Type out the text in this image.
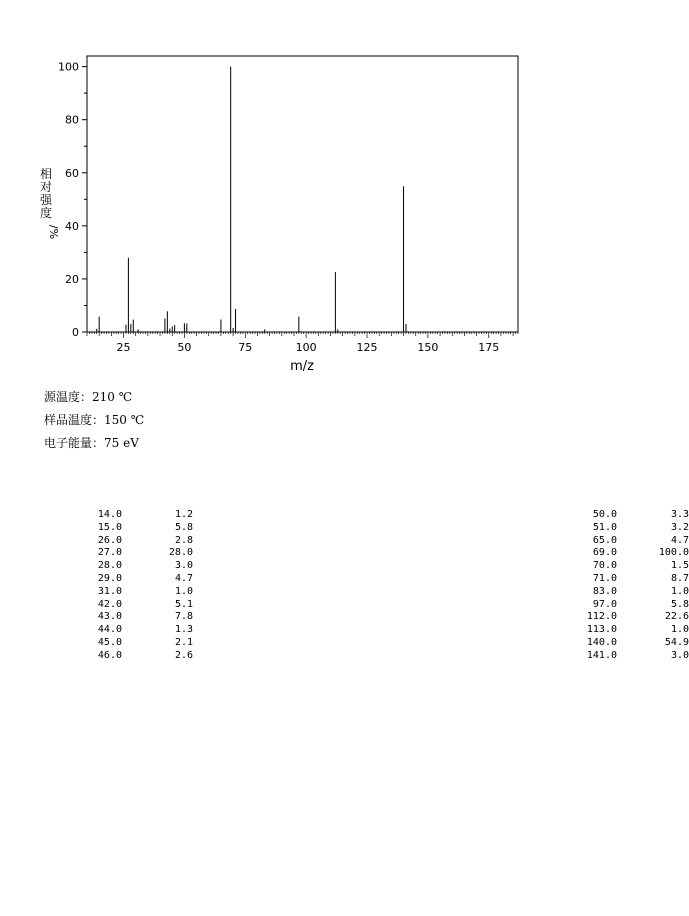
0
20
40
60
80
100
25	50	75	100	125	150	175
m/z
相
对
强
度
/%
源温度：210 ℃
样品温度：150 ℃
电子能量：75 eV
14.0	1.2
15.0	5.8
26.0	2.8
27.0	28.0
28.0	3.0
29.0	4.7
31.0	1.0
42.0	5.1
43.0	7.8
44.0	1.3
45.0	2.1
46.0	2.6
50.0	3.3
51.0	3.2
65.0	4.7
69.0	100.0
70.0	1.5
71.0	8.7
83.0	1.0
97.0	5.8
112.0	22.6
113.0	1.0
140.0	54.9
141.0	3.0
